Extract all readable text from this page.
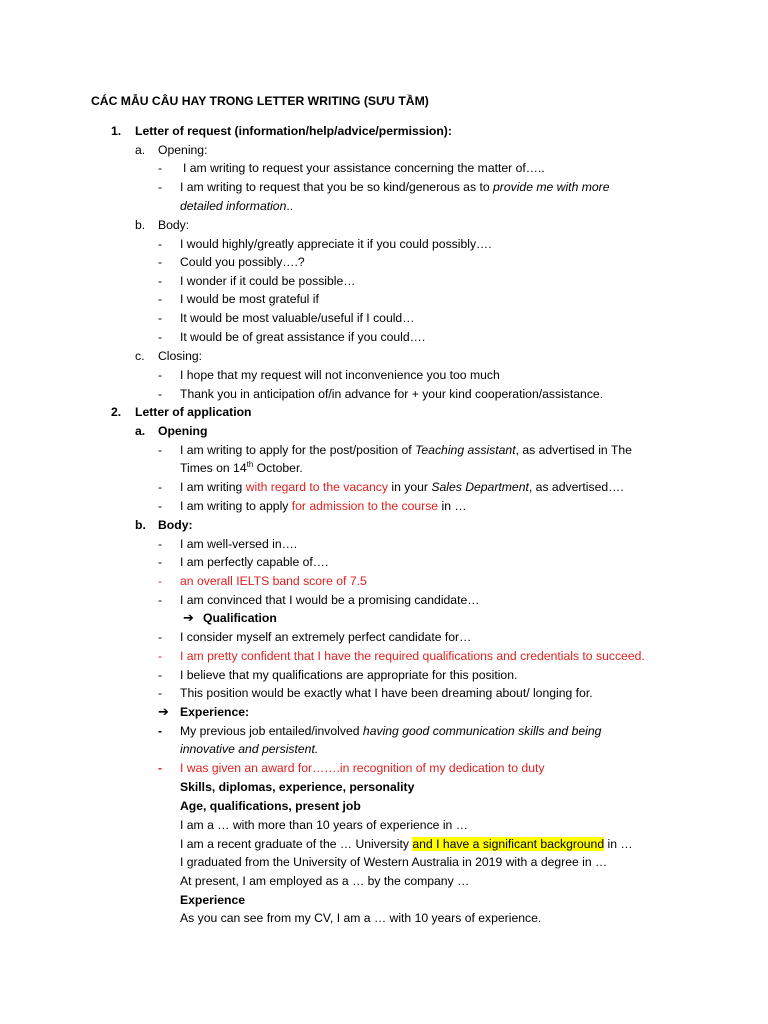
CÁC MẪU CÂU HAY TRONG LETTER WRITING (SƯU TẦM)
1. Letter of request (information/help/advice/permission):
a. Opening:
- I am writing to request your assistance concerning the matter of…..
- I am writing to request that you be so kind/generous as to provide me with more
detailed information..
b. Body:
- I would highly/greatly appreciate it if you could possibly….
- Could you possibly….?
- I wonder if it could be possible…
- I would be most grateful if
- It would be most valuable/useful if I could…
- It would be of great assistance if you could….
c. Closing:
- I hope that my request will not inconvenience you too much
- Thank you in anticipation of/in advance for + your kind cooperation/assistance.
2. Letter of application
a. Opening
- I am writing to apply for the post/position of Teaching assistant, as advertised in The
Times on 14th October.
- I am writing with regard to the vacancy in your Sales Department, as advertised….
- I am writing to apply for admission to the course in …
b. Body:
- I am well-versed in….
- I am perfectly capable of….
- an overall IELTS band score of 7.5
- I am convinced that I would be a promising candidate…
➔ Qualification
- I consider myself an extremely perfect candidate for…
- I am pretty confident that I have the required qualifications and credentials to succeed.
- I believe that my qualifications are appropriate for this position.
- This position would be exactly what I have been dreaming about/ longing for.
➔ Experience:
- My previous job entailed/involved having good communication skills and being
innovative and persistent.
- I was given an award for…….in recognition of my dedication to duty
Skills, diplomas, experience, personality
Age, qualifications, present job
I am a … with more than 10 years of experience in …
I am a recent graduate of the … University and I have a significant background in …
I graduated from the University of Western Australia in 2019 with a degree in …
At present, I am employed as a … by the company …
Experience
As you can see from my CV, I am a … with 10 years of experience.
